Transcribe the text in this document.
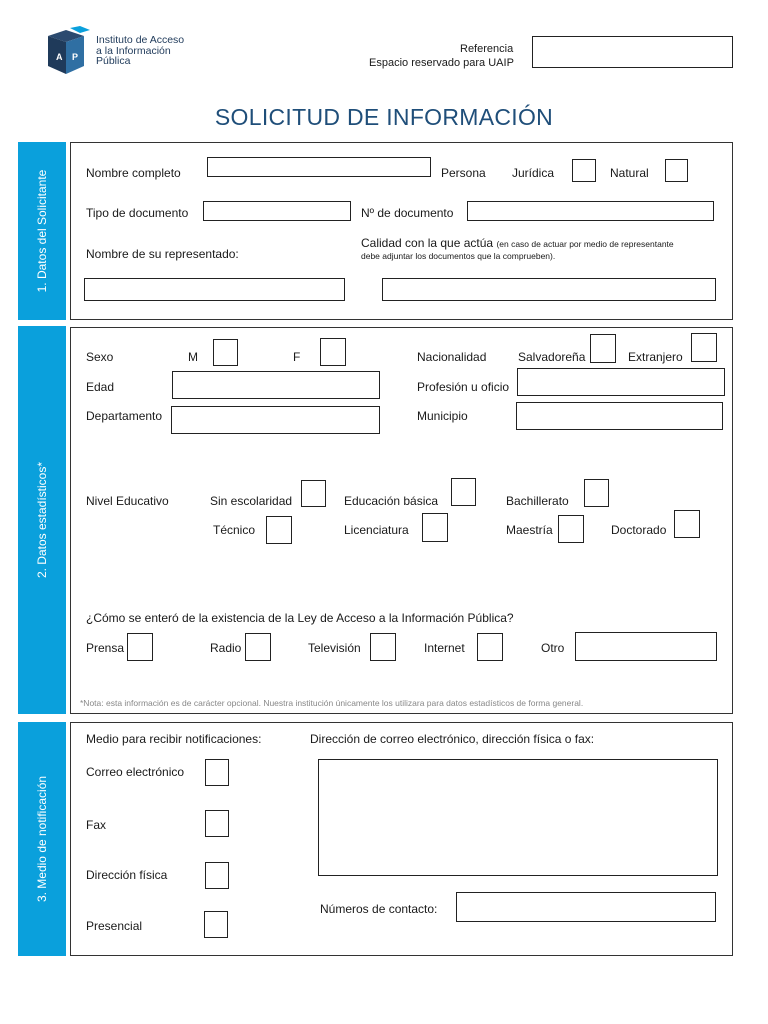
A P
Instituto de Acceso
a la Información
Pública
Referencia
Espacio reservado para UAIP
SOLICITUD DE INFORMACIÓN
1. Datos del Solicitante	Nombre completo	Persona Jurídica	Natural
Tipo de documento	Nº de documento
Nombre de su representado:
Calidad con la que actúa (en caso de actuar por medio de representante
debe adjuntar los documentos que la comprueben).
2. Datos estadísticos*
Sexo	M	F	Nacionalidad	Salvadoreña	Extranjero
Edad	Profesión u oficio
Departamento	Municipio
Nivel Educativo	Sin escolaridad	Educación básica	Bachillerato
Técnico	Licenciatura	Maestría	Doctorado
¿Cómo se enteró de la existencia de la Ley de Acceso a la Información Pública?
Prensa	Radio	Televisión	Internet	Otro
*Nota: esta información es de carácter opcional. Nuestra institución únicamente los utilizara para datos estadísticos de forma general.
3. Medio de notificación
Medio para recibir notificaciones:	Dirección de correo electrónico, dirección física o fax:
Correo electrónico
Fax
Dirección física
Presencial
Números de contacto:
